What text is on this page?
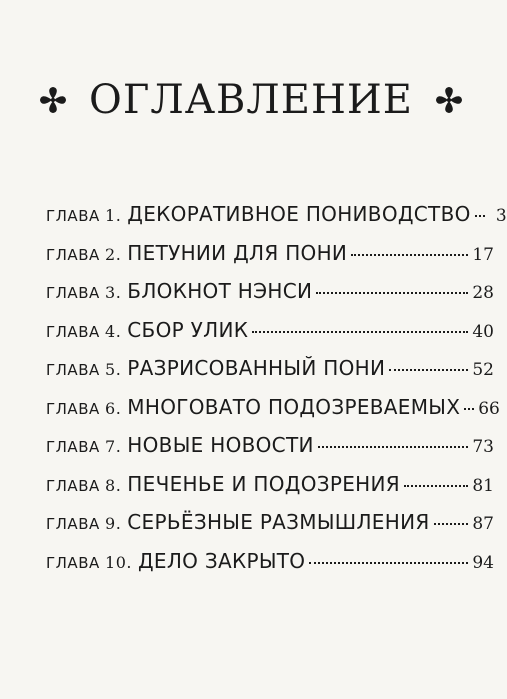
ОГЛАВЛЕНИЕ
ГЛАВА 1. ДЕКОРАТИВНОЕ ПОНИВОДСТВО	3
ГЛАВА 2. ПЕТУНИИ ДЛЯ ПОНИ	17
ГЛАВА 3. БЛОКНОТ НЭНСИ	28
ГЛАВА 4. СБОР УЛИК	40
ГЛАВА 5. РАЗРИСОВАННЫЙ ПОНИ	52
ГЛАВА 6. МНОГОВАТО ПОДОЗРЕВАЕМЫХ 66
ГЛАВА 7. НОВЫЕ НОВОСТИ	73
ГЛАВА 8. ПЕЧЕНЬЕ И ПОДОЗРЕНИЯ	81
ГЛАВА 9. СЕРЬЁЗНЫЕ РАЗМЫШЛЕНИЯ	87
ГЛАВА 10. ДЕЛО ЗАКРЫТО	94
